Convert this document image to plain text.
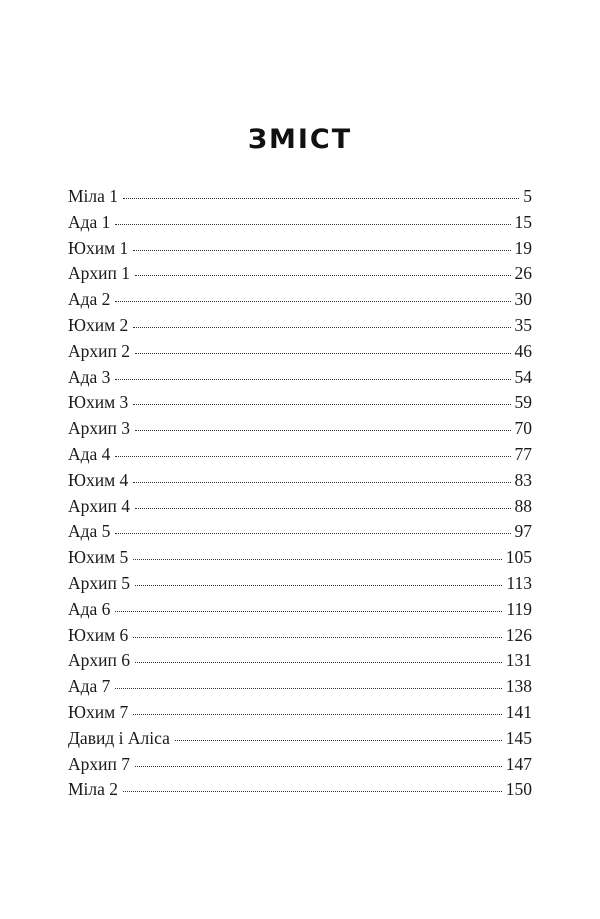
ЗМІСТ
Міла 1	5
Ада 1	15
Юхим 1	19
Архип 1	26
Ада 2	30
Юхим 2	35
Архип 2	46
Ада 3	54
Юхим 3	59
Архип 3	70
Ада 4	77
Юхим 4	83
Архип 4	88
Ада 5	97
Юхим 5	105
Архип 5	113
Ада 6	119
Юхим 6	126
Архип 6	131
Ада 7	138
Юхим 7	141
Давид і Аліса	145
Архип 7	147
Міла 2	150
